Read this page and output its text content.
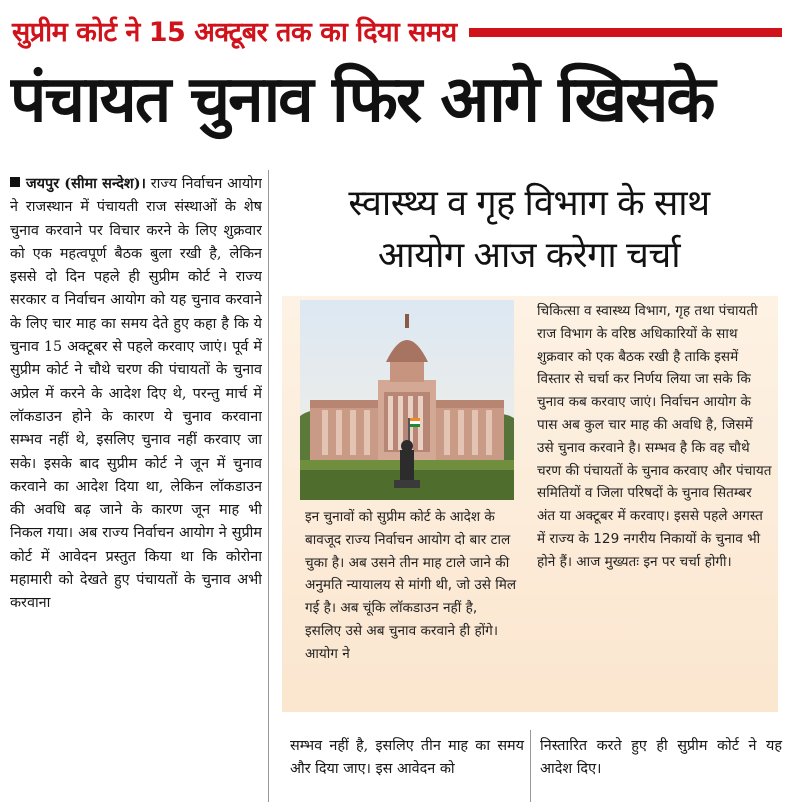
सुप्रीम कोर्ट ने 15 अक्टूबर तक का दिया समय
पंचायत चुनाव फिर आगे खिसके

जयपुर (सीमा सन्देश)। राज्य निर्वाचन आयोग ने राजस्थान में पंचायती राज संस्थाओं के शेष चुनाव करवाने पर विचार करने के लिए शुक्रवार को एक महत्वपूर्ण बैठक बुला रखी है, लेकिन इससे दो दिन पहले ही सुप्रीम कोर्ट ने राज्य सरकार व निर्वाचन आयोग को यह चुनाव करवाने के लिए चार माह का समय देते हुए कहा है कि ये चुनाव 15 अक्टूबर से पहले करवाए जाएं। पूर्व में सुप्रीम कोर्ट ने चौथे चरण की पंचायतों के चुनाव अप्रेल में करने के आदेश दिए थे, परन्तु मार्च में लॉकडाउन होने के कारण ये चुनाव करवाना सम्भव नहीं थे, इसलिए चुनाव नहीं करवाए जा सके। इसके बाद सुप्रीम कोर्ट ने जून में चुनाव करवाने का आदेश दिया था, लेकिन लॉकडाउन की अवधि बढ़ जाने के कारण जून माह भी निकल गया। अब राज्य निर्वाचन आयोग ने सुप्रीम कोर्ट में आवेदन प्रस्तुत किया था कि कोरोना महामारी को देखते हुए पंचायतों के चुनाव अभी करवाना

स्वास्थ्य व गृह विभाग के साथ
आयोग आज करेगा चर्चा
इन चुनावों को सुप्रीम कोर्ट के आदेश के बावजूद राज्य निर्वाचन आयोग दो बार टाल चुका है। अब उसने तीन माह टाले जाने की अनुमति न्यायालय से मांगी थी, जो उसे मिल गई है। अब चूंकि लॉकडाउन नहीं है, इसलिए उसे अब चुनाव करवाने ही होंगे। आयोग ने
चिकित्सा व स्वास्थ्य विभाग, गृह तथा पंचायती राज विभाग के वरिष्ठ अधिकारियों के साथ शुक्रवार को एक बैठक रखी है ताकि इसमें विस्तार से चर्चा कर निर्णय लिया जा सके कि चुनाव कब करवाए जाएं। निर्वाचन आयोग के पास अब कुल चार माह की अवधि है, जिसमें उसे चुनाव करवाने है। सम्भव है कि वह चौथे चरण की पंचायतों के चुनाव करवाए और पंचायत समितियों व जिला परिषदों के चुनाव सितम्बर अंत या अक्टूबर में करवाए। इससे पहले अगस्त में राज्य के 129 नगरीय निकायों के चुनाव भी होने हैं। आज मुख्यतः इन पर चर्चा होगी।
सम्भव नहीं है, इसलिए तीन माह का समय और दिया जाए। इस आवेदन को
निस्तारित करते हुए ही सुप्रीम कोर्ट ने यह आदेश दिए।
